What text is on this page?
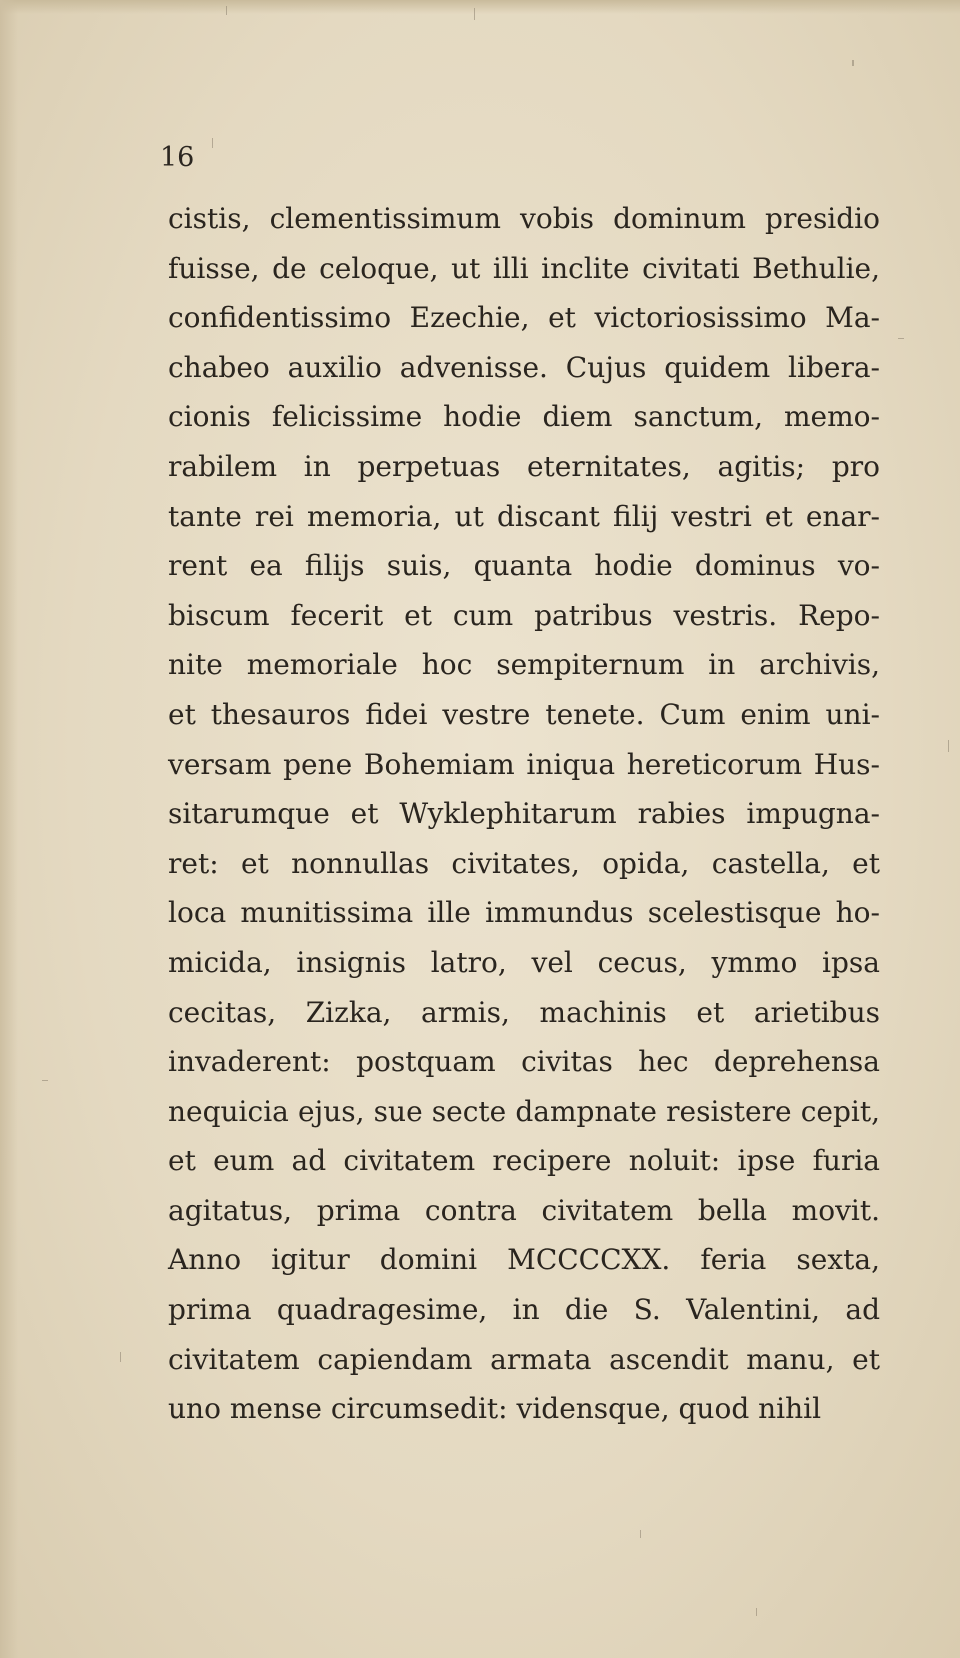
16

cistis, clementissimum vobis dominum presidio
fuisse, de celoque, ut illi inclite civitati Bethulie,
confidentissimo Ezechie, et victoriosissimo Ma-
chabeo auxilio advenisse. Cujus quidem libera-
cionis felicissime hodie diem sanctum, memo-
rabilem in perpetuas eternitates, agitis; pro
tante rei memoria, ut discant filij vestri et enar-
rent ea filijs suis, quanta hodie dominus vo-
biscum fecerit et cum patribus vestris. Repo-
nite memoriale hoc sempiternum in archivis,
et thesauros fidei vestre tenete. Cum enim uni-
versam pene Bohemiam iniqua hereticorum Hus-
sitarumque et Wyklephitarum rabies impugna-
ret: et nonnullas civitates, opida, castella, et
loca munitissima ille immundus scelestisque ho-
micida, insignis latro, vel cecus, ymmo ipsa
cecitas, Zizka, armis, machinis et arietibus
invaderent: postquam civitas hec deprehensa
nequicia ejus, sue secte dampnate resistere cepit,
et eum ad civitatem recipere noluit: ipse furia
agitatus, prima contra civitatem bella movit.
Anno igitur domini MCCCCXX. feria sexta,
prima quadragesime, in die S. Valentini, ad
civitatem capiendam armata ascendit manu, et
uno mense circumsedit: vidensque, quod nihil
